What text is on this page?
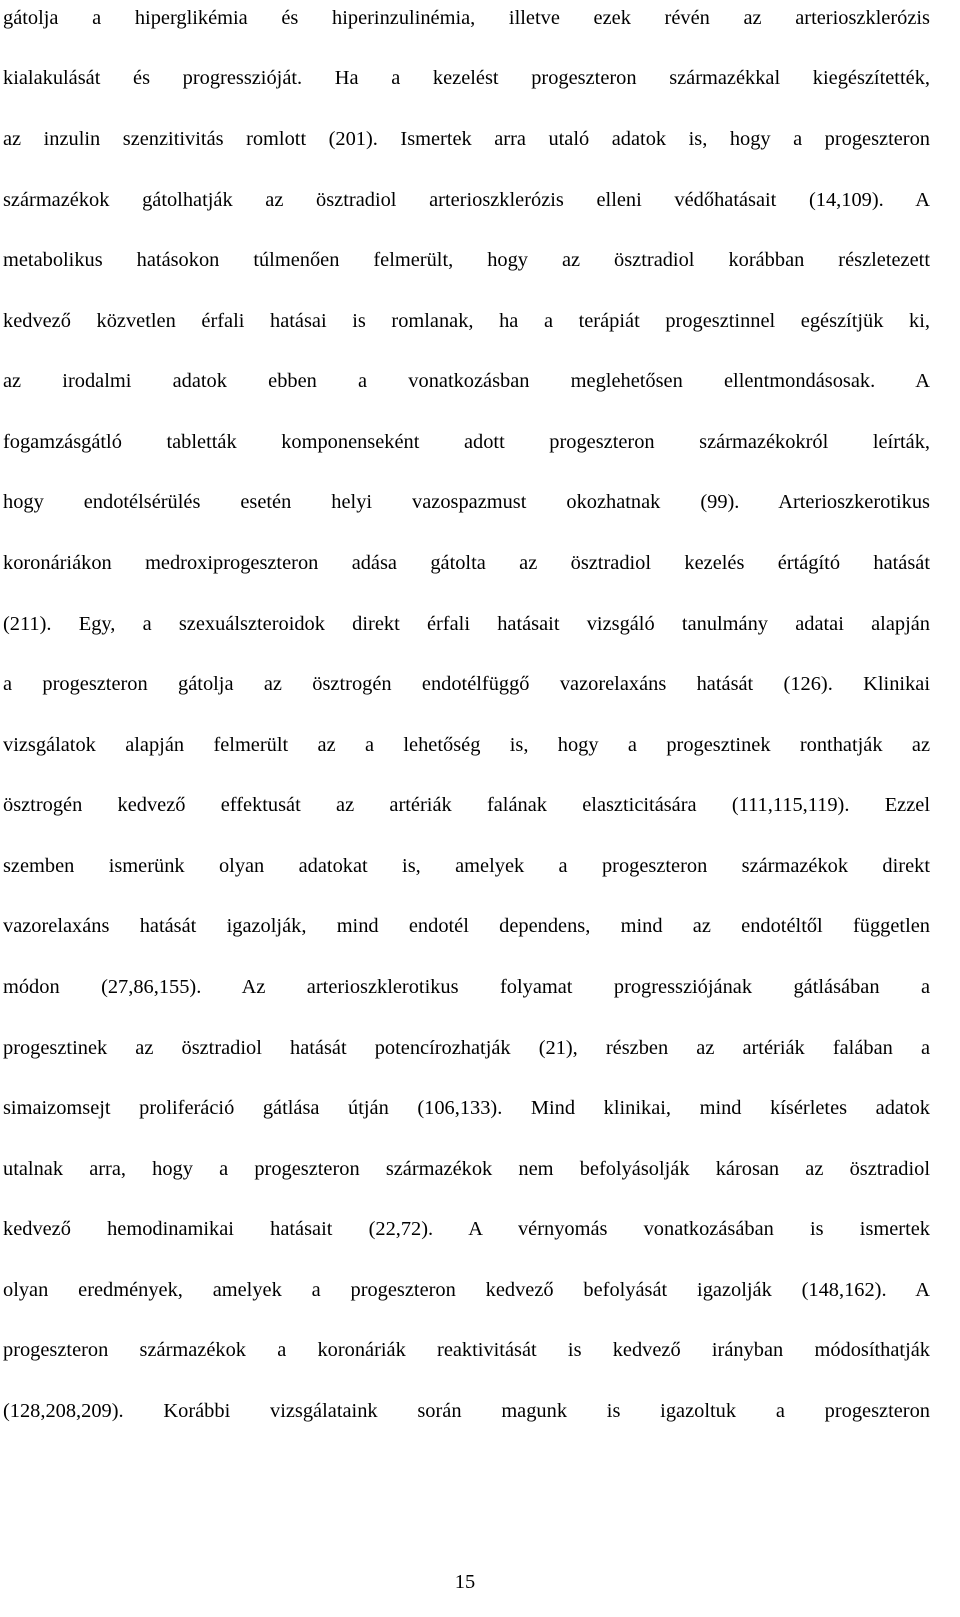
gátolja a hiperglikémia és hiperinzulinémia, illetve ezek révén az arterioszklerózis
kialakulását és progresszióját. Ha a kezelést progeszteron származékkal kiegészítették,
az inzulin szenzitivitás romlott (201). Ismertek arra utaló adatok is, hogy a progeszteron
származékok gátolhatják az ösztradiol arterioszklerózis elleni védőhatásait (14,109). A
metabolikus hatásokon túlmenően felmerült, hogy az ösztradiol korábban részletezett
kedvező közvetlen érfali hatásai is romlanak, ha a terápiát progesztinnel egészítjük ki,
az irodalmi adatok ebben a vonatkozásban meglehetősen ellentmondásosak. A
fogamzásgátló tabletták komponenseként adott progeszteron származékokról leírták,
hogy endotélsérülés esetén helyi vazospazmust okozhatnak (99). Arterioszkerotikus
koronáriákon medroxiprogeszteron adása gátolta az ösztradiol kezelés értágító hatását
(211). Egy, a szexuálszteroidok direkt érfali hatásait vizsgáló tanulmány adatai alapján
a progeszteron gátolja az ösztrogén endotélfüggő vazorelaxáns hatását (126). Klinikai
vizsgálatok alapján felmerült az a lehetőség is, hogy a progesztinek ronthatják az
ösztrogén kedvező effektusát az artériák falának elaszticitására (111,115,119). Ezzel
szemben ismerünk olyan adatokat is, amelyek a progeszteron származékok direkt
vazorelaxáns hatását igazolják, mind endotél dependens, mind az endotéltől független
módon (27,86,155). Az arterioszklerotikus folyamat progressziójának gátlásában a
progesztinek az ösztradiol hatását potencírozhatják (21), részben az artériák falában a
simaizomsejt proliferáció gátlása útján (106,133). Mind klinikai, mind kísérletes adatok
utalnak arra, hogy a progeszteron származékok nem befolyásolják károsan az ösztradiol
kedvező hemodinamikai hatásait (22,72). A vérnyomás vonatkozásában is ismertek
olyan eredmények, amelyek a progeszteron kedvező befolyását igazolják (148,162). A
progeszteron származékok a koronáriák reaktivitását is kedvező irányban módosíthatják
(128,208,209). Korábbi vizsgálataink során magunk is igazoltuk a progeszteron
15
